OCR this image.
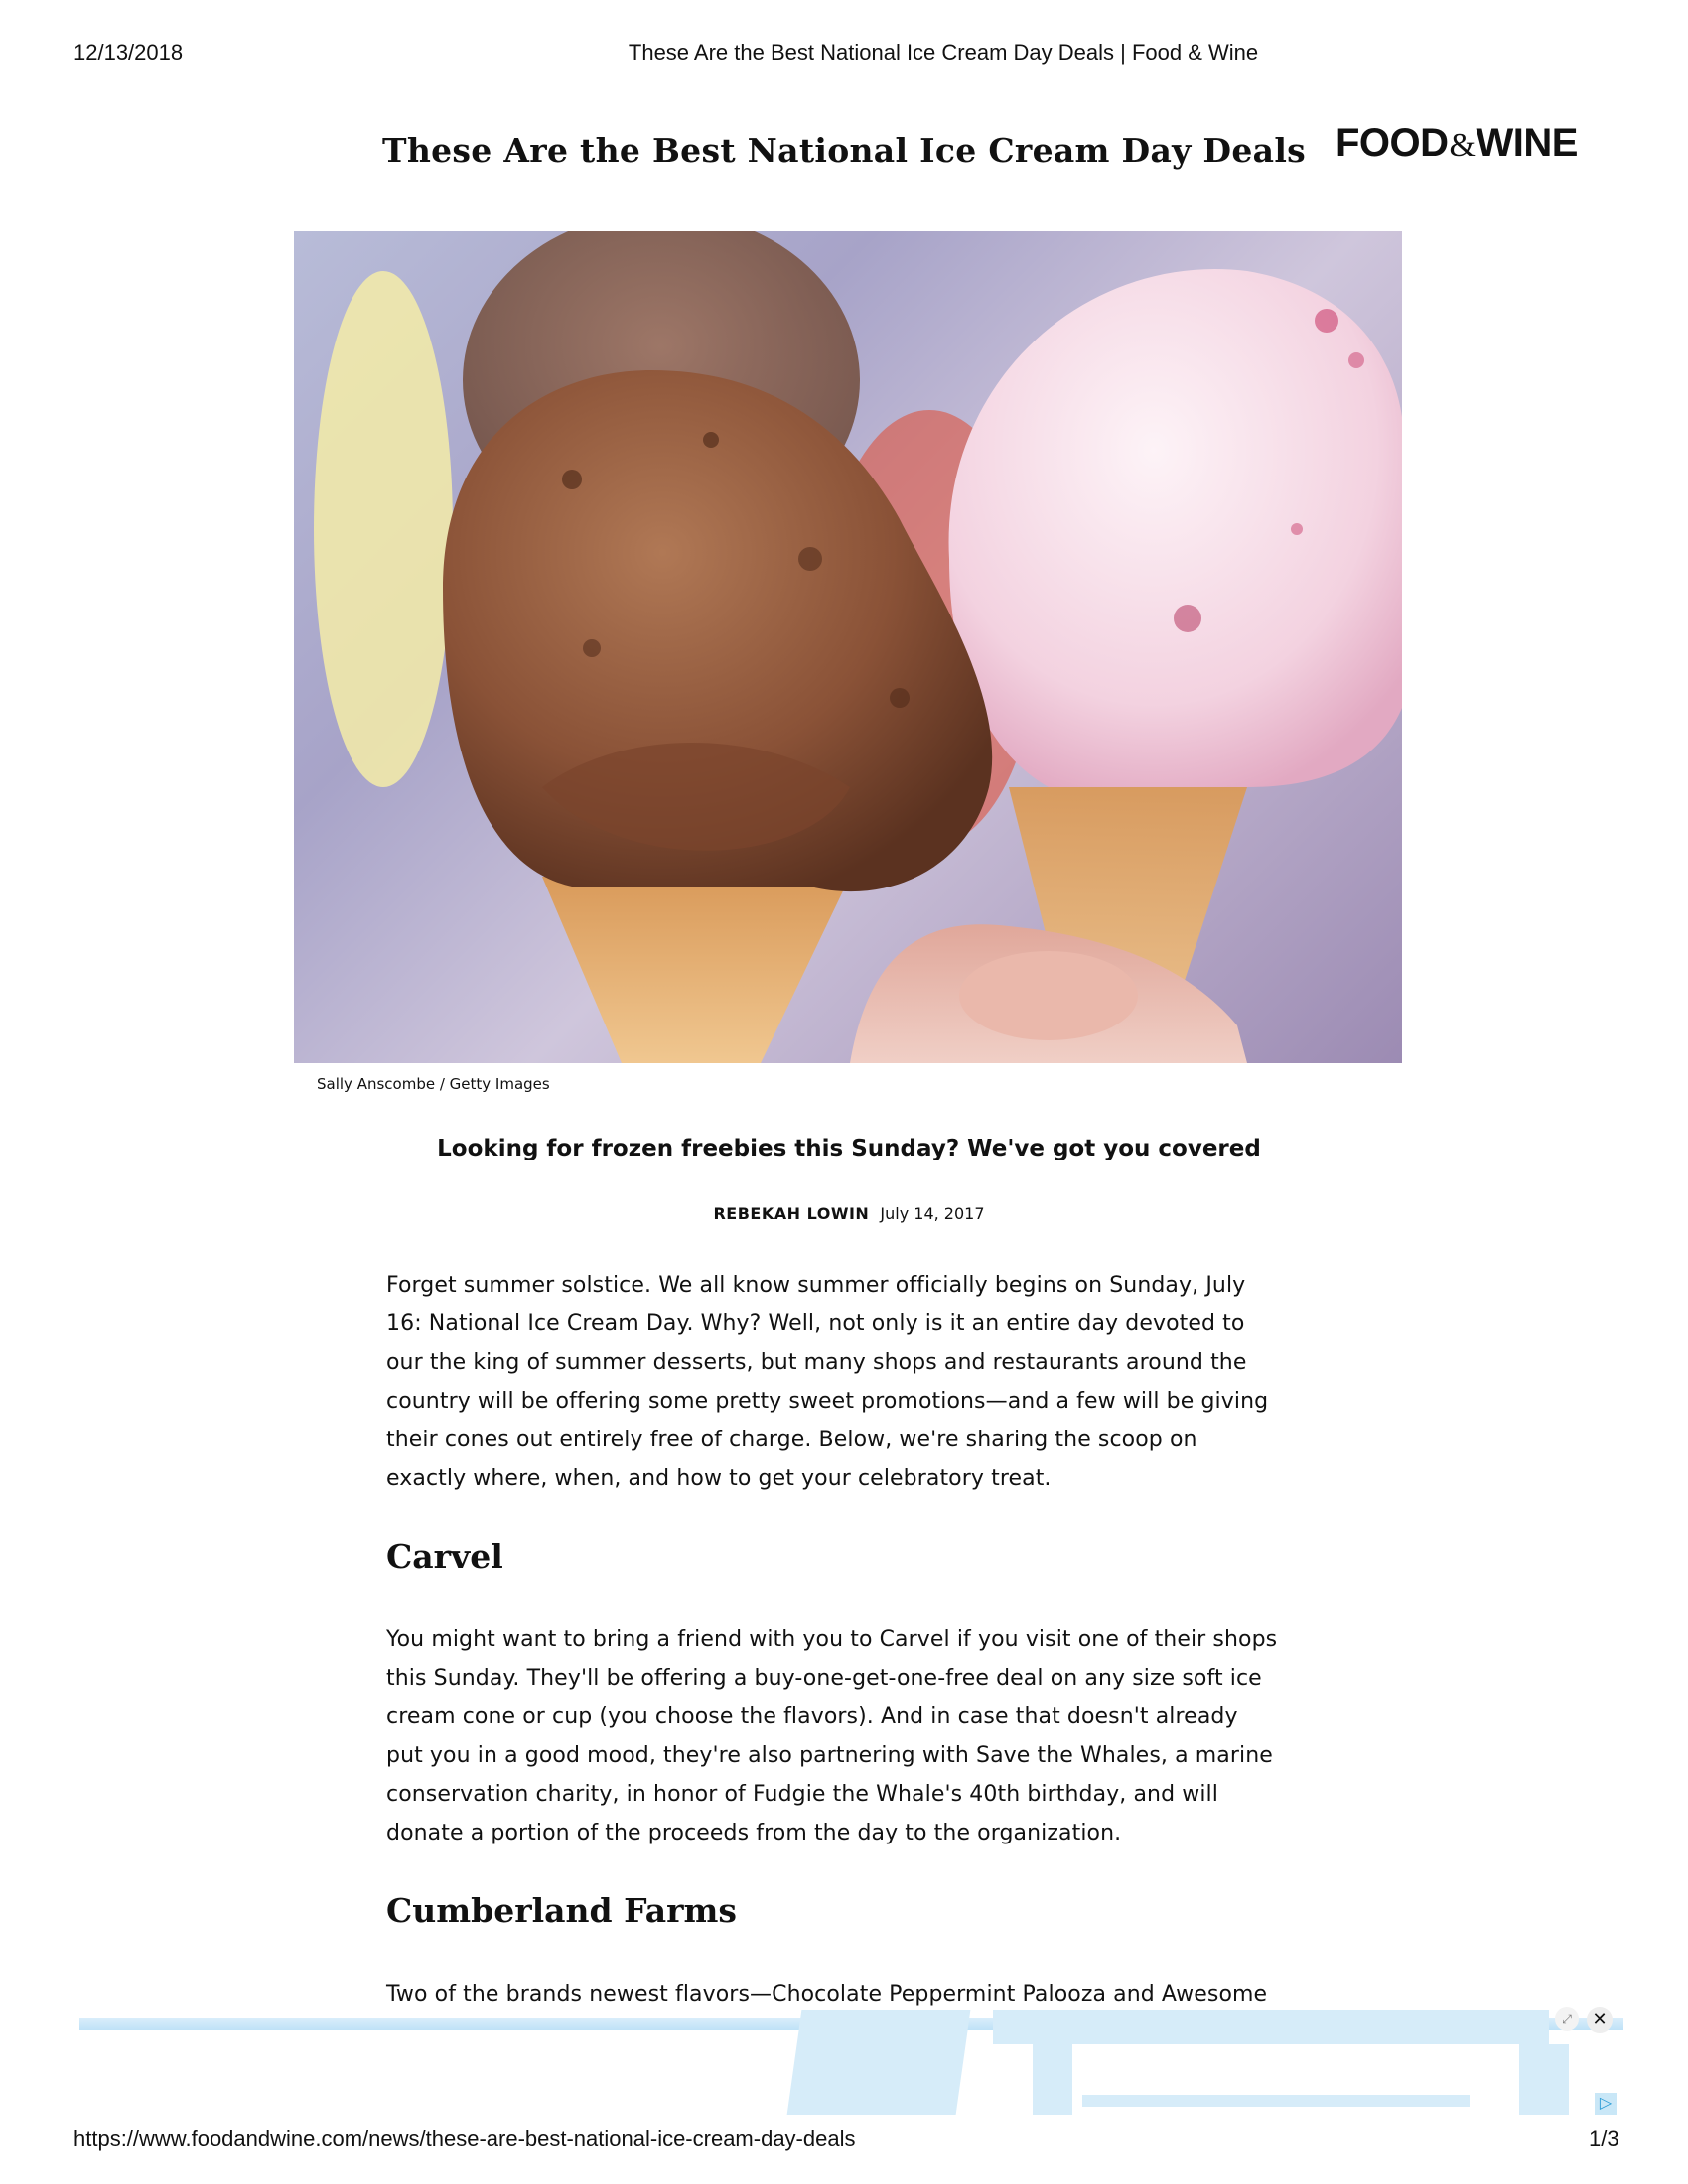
12/13/2018	These Are the Best National Ice Cream Day Deals | Food & Wine
These Are the Best National Ice Cream Day Deals FOOD&WINE
Sally Anscombe / Getty Images
Looking for frozen freebies this Sunday? We've got you covered
REBEKAH LOWIN July 14, 2017

Forget summer solstice. We all know summer officially begins on Sunday, July 16: National Ice Cream Day. Why? Well, not only is it an entire day devoted to our the king of summer desserts, but many shops and restaurants around the country will be offering some pretty sweet promotions—and a few will be giving their cones out entirely free of charge. Below, we're sharing the scoop on exactly where, when, and how to get your celebratory treat.

Carvel

You might want to bring a friend with you to Carvel if you visit one of their shops this Sunday. They'll be offering a buy-one-get-one-free deal on any size soft ice cream cone or cup (you choose the flavors). And in case that doesn't already put you in a good mood, they're also partnering with Save the Whales, a marine conservation charity, in honor of Fudgie the Whale's 40th birthday, and will donate a portion of the proceeds from the day to the organization.

Cumberland Farms

Two of the brands newest flavors—Chocolate Peppermint Palooza and Awesome

⤢	✕
▷
https://www.foodandwine.com/news/these-are-best-national-ice-cream-day-deals	1/3
